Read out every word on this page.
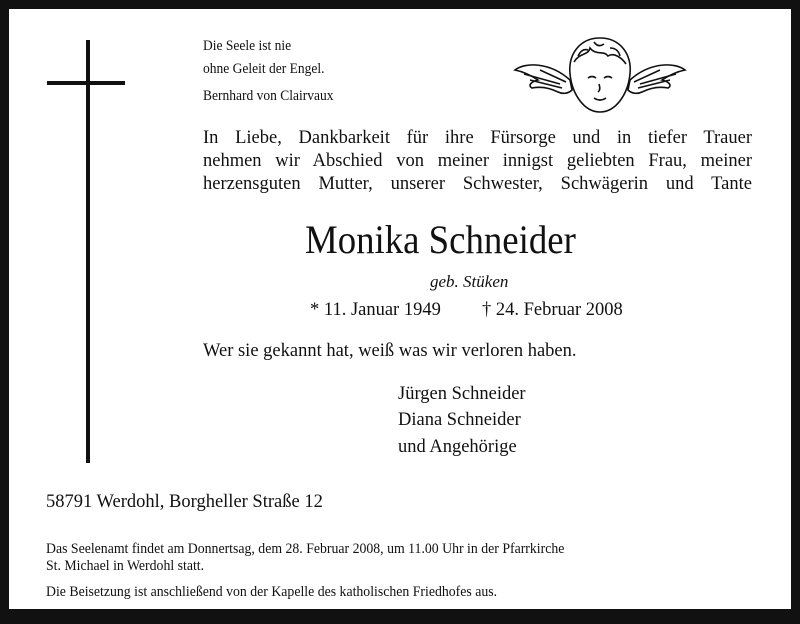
Die Seele ist nie
ohne Geleit der Engel.
Bernhard von Clairvaux
In Liebe, Dankbarkeit für ihre Fürsorge und in tiefer Trauer
nehmen wir Abschied von meiner innigst geliebten Frau, meiner
herzensguten Mutter, unserer Schwester, Schwägerin und Tante
Monika Schneider
geb. Stüken
* 11. Januar 1949 † 24. Februar 2008
Wer sie gekannt hat, weiß was wir verloren haben.
Jürgen Schneider
Diana Schneider
und Angehörige
58791 Werdohl, Borgheller Straße 12
Das Seelenamt findet am Donnertsag, dem 28. Februar 2008, um 11.00 Uhr in der Pfarrkirche
St. Michael in Werdohl statt.
Die Beisetzung ist anschließend von der Kapelle des katholischen Friedhofes aus.
